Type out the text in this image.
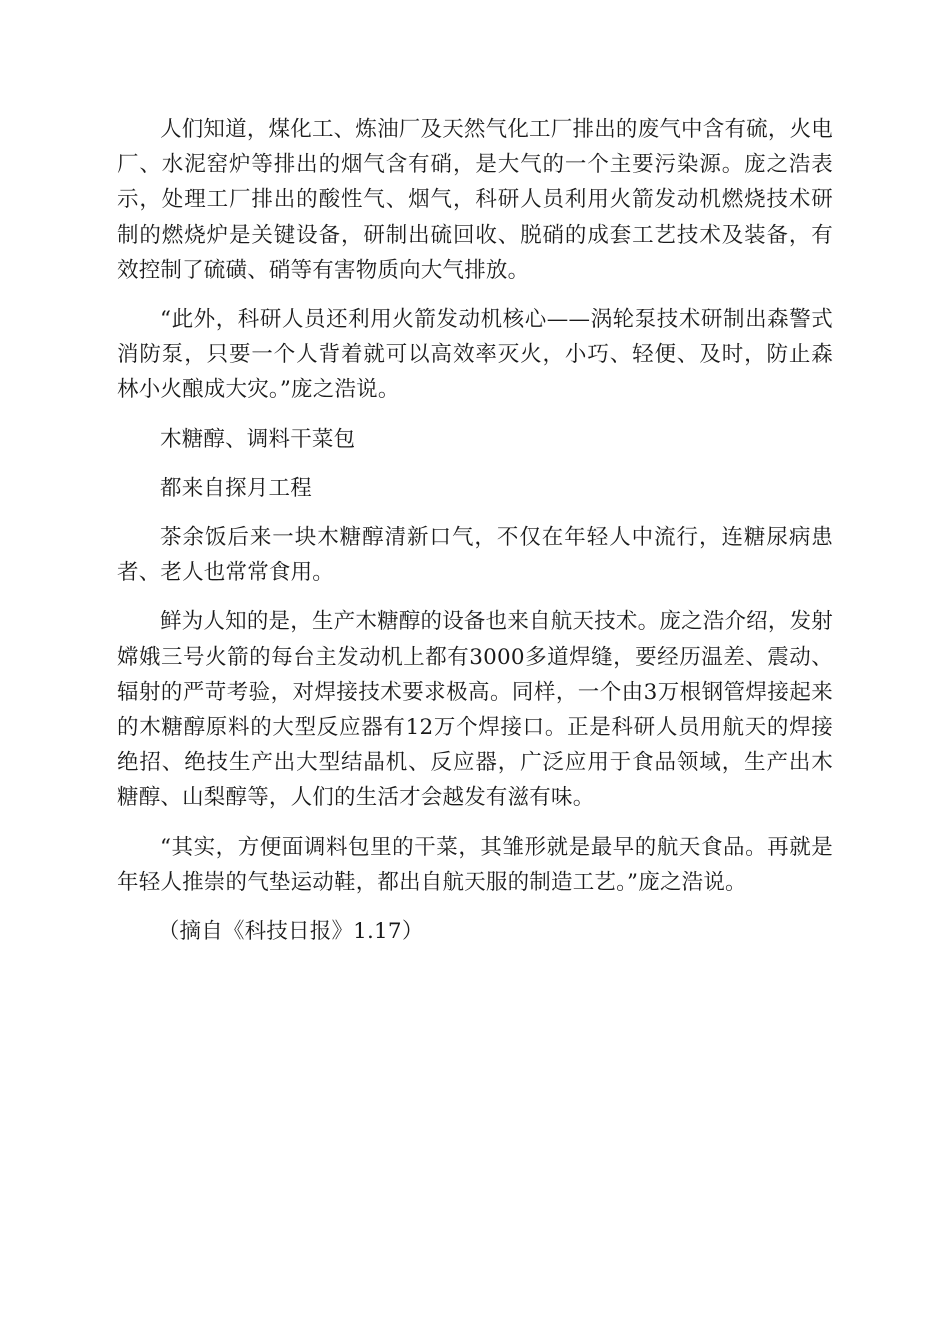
人们知道，煤化工、炼油厂及天然气化工厂排出的废气中含有硫，火电厂、水泥窑炉等排出的烟气含有硝，是大气的一个主要污染源。庞之浩表示，处理工厂排出的酸性气、烟气，科研人员利用火箭发动机燃烧技术研制的燃烧炉是关键设备，研制出硫回收、脱硝的成套工艺技术及装备，有效控制了硫磺、硝等有害物质向大气排放。

“此外，科研人员还利用火箭发动机核心——涡轮泵技术研制出森警式消防泵，只要一个人背着就可以高效率灭火，小巧、轻便、及时，防止森林小火酿成大灾。”庞之浩说。

木糖醇、调料干菜包

都来自探月工程

茶余饭后来一块木糖醇清新口气，不仅在年轻人中流行，连糖尿病患者、老人也常常食用。

鲜为人知的是，生产木糖醇的设备也来自航天技术。庞之浩介绍，发射嫦娥三号火箭的每台主发动机上都有3000多道焊缝，要经历温差、震动、辐射的严苛考验，对焊接技术要求极高。同样，一个由3万根钢管焊接起来的木糖醇原料的大型反应器有12万个焊接口。正是科研人员用航天的焊接绝招、绝技生产出大型结晶机、反应器，广泛应用于食品领域，生产出木糖醇、山梨醇等，人们的生活才会越发有滋有味。

“其实，方便面调料包里的干菜，其雏形就是最早的航天食品。再就是年轻人推崇的气垫运动鞋，都出自航天服的制造工艺。”庞之浩说。

（摘自《科技日报》1.17）
